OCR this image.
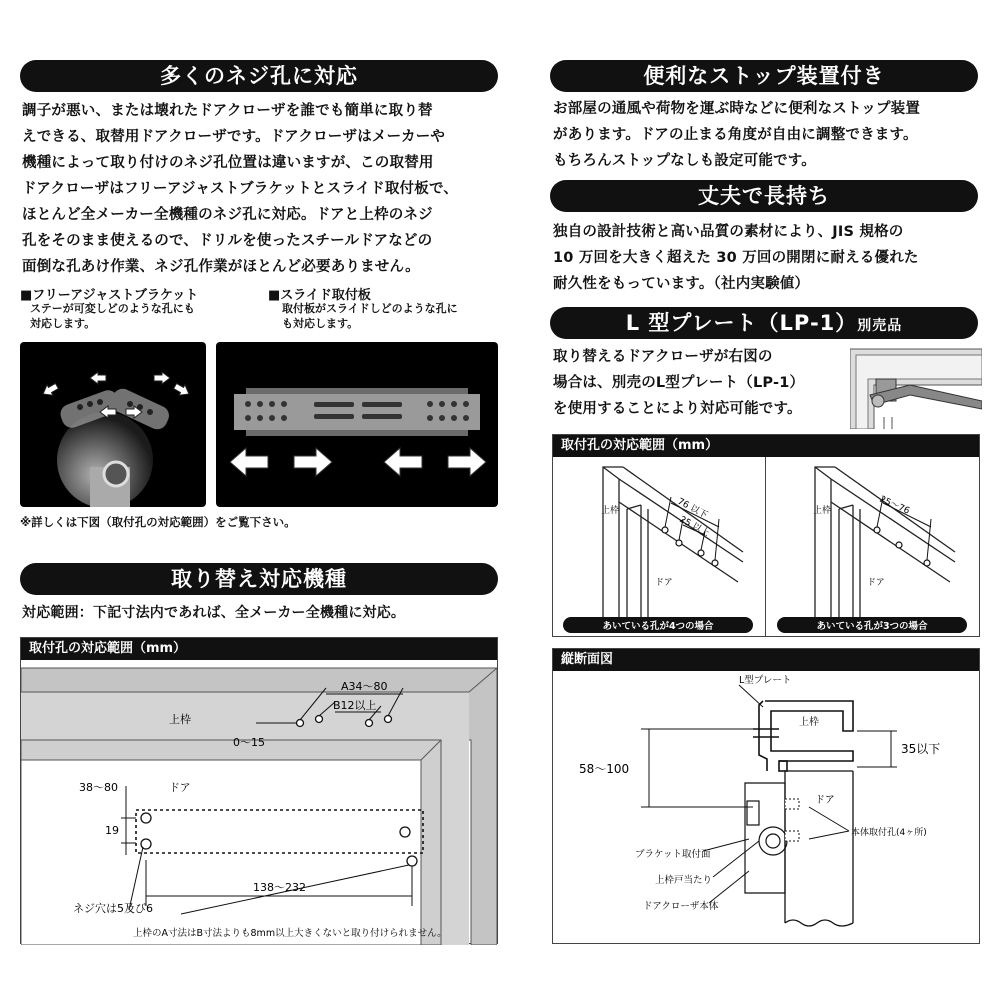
多くのネジ孔に対応
調子が悪い、または壊れたドアクローザを誰でも簡単に取り替
えできる、取替用ドアクローザです。ドアクローザはメーカーや
機種によって取り付けのネジ孔位置は違いますが、この取替用
ドアクローザはフリーアジャストブラケットとスライド取付板で、
ほとんど全メーカー全機種のネジ孔に対応。ドアと上枠のネジ
孔をそのまま使えるので、ドリルを使ったスチールドアなどの
面倒な孔あけ作業、ネジ孔作業がほとんど必要ありません。
■フリーアジャストブラケット
ステーが可変しどのような孔にも
対応します。
■スライド取付板
取付板がスライドしどのような孔に
も対応します。
※詳しくは下図（取付孔の対応範囲）をご覧下さい。
取り替え対応機種
対応範囲：下記寸法内であれば、全メーカー全機種に対応。
取付孔の対応範囲（mm）
上枠
A34～80
B12以上
0～15
38～80	ドア
19
138～232
ネジ穴は5及び6
上枠のA寸法はB寸法よりも8mm以上大きくないと取り付けられません。
便利なストップ装置付き
お部屋の通風や荷物を運ぶ時などに便利なストップ装置
があります。ドアの止まる角度が自由に調整できます。
もちろんストップなしも設定可能です。
丈夫で長持ち
独自の設計技術と高い品質の素材により、JIS 規格の
10 万回を大きく超えた 30 万回の開閉に耐える優れた
耐久性をもっています。（社内実験値）
L 型プレート（LP-1）別売品
取り替えるドアクローザが右図の
場合は、別売のL型プレート（LP-1）
を使用することにより対応可能です。
取付孔の対応範囲（mm）
上枠	76 以下
25 以上
ドア
上枠	25～76
ドア
あいている孔が4つの場合	あいている孔が3つの場合
縦断面図
L型プレート
上枠
58～100
35以下
ドア
本体取付孔(4ヶ所)
ブラケット取付面
上枠戸当たり
ドアクローザ本体
